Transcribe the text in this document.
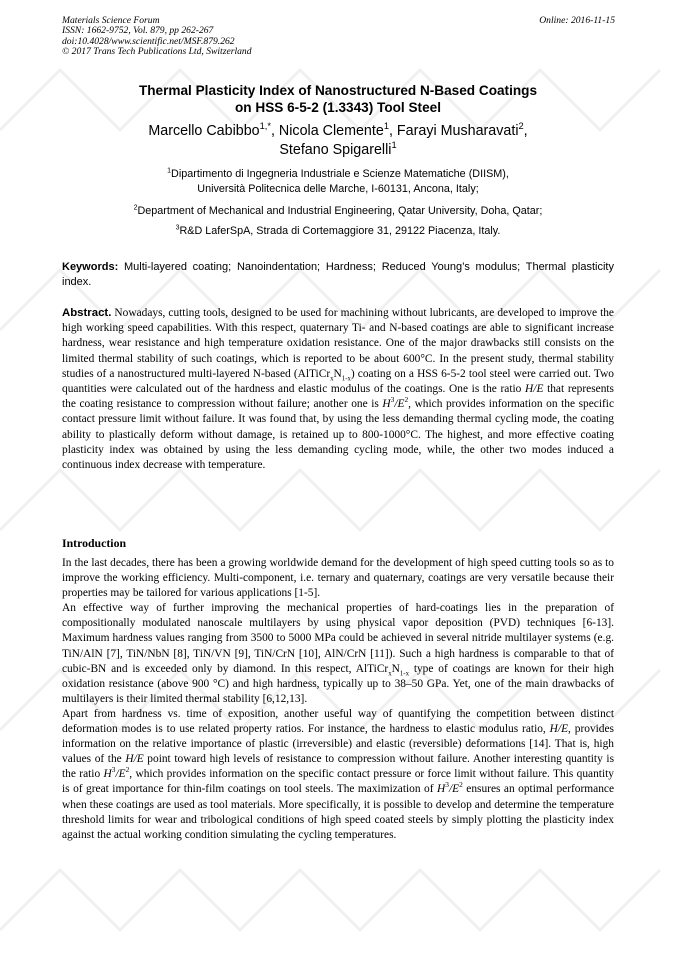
Materials Science Forum
ISSN: 1662-9752, Vol. 879, pp 262-267
doi:10.4028/www.scientific.net/MSF.879.262
© 2017 Trans Tech Publications Ltd, Switzerland
Online: 2016-11-15
Thermal Plasticity Index of Nanostructured N-Based Coatings
on HSS 6-5-2 (1.3343) Tool Steel
Marcello Cabibbo$^{1,*}$, Nicola Clemente$^1$, Farayi Musharavati$^2$,
Stefano Spigarelli$^1$
$^1$Dipartimento di Ingegneria Industriale e Scienze Matematiche (DIISM),
Università Politecnica delle Marche, I-60131, Ancona, Italy;
$^2$Department of Mechanical and Industrial Engineering, Qatar University, Doha, Qatar;
$^3$R&D LaferSpA, Strada di Cortemaggiore 31, 29122 Piacenza, Italy.
Keywords: Multi-layered coating; Nanoindentation; Hardness; Reduced Young’s modulus; Thermal plasticity index.
Abstract. Nowadays, cutting tools, designed to be used for machining without lubricants, are developed to improve the high working speed capabilities. With this respect, quaternary Ti- and N-based coatings are able to significant increase hardness, wear resistance and high temperature oxidation resistance. One of the major drawbacks still consists on the limited thermal stability of such coatings, which is reported to be about 600°C. In the present study, thermal stability studies of a nanostructured multi-layered N-based $(AlTiCr_xN_{1-x})$ coating on a HSS 6-5-2 tool steel were carried out. Two quantities were calculated out of the hardness and elastic modulus of the coatings. One is the ratio H/E that represents the coating resistance to compression without failure; another one is $H^3/E^2$, which provides information on the specific contact pressure limit without failure. It was found that, by using the less demanding thermal cycling mode, the coating ability to plastically deform without damage, is retained up to 800-1000°C. The highest, and more effective coating plasticity index was obtained by using the less demanding cycling mode, while, the other two modes induced a continuous index decrease with temperature.
Introduction

In the last decades, there has been a growing worldwide demand for the development of high speed cutting tools so as to improve the working efficiency. Multi-component, i.e. ternary and quaternary, coatings are very versatile because their properties may be tailored for various applications [1-5].

An effective way of further improving the mechanical properties of hard-coatings lies in the preparation of compositionally modulated nanoscale multilayers by using physical vapor deposition (PVD) techniques [6-13]. Maximum hardness values ranging from 3500 to 5000 MPa could be achieved in several nitride multilayer systems (e.g. TiN/AlN [7], TiN/NbN [8], TiN/VN [9], TiN/CrN [10], AlN/CrN [11]). Such a high hardness is comparable to that of cubic-BN and is exceeded only by diamond. In this respect, $AlTiCr_xN_{1-x}$ type of coatings are known for their high oxidation resistance (above 900 °C) and high hardness, typically up to 38–50 GPa. Yet, one of the main drawbacks of multilayers is their limited thermal stability [6,12,13].

Apart from hardness vs. time of exposition, another useful way of quantifying the competition between distinct deformation modes is to use related property ratios. For instance, the hardness to elastic modulus ratio, H/E, provides information on the relative importance of plastic (irreversible) and elastic (reversible) deformations [14]. That is, high values of the H/E point toward high levels of resistance to compression without failure. Another interesting quantity is the ratio $H^3/E^2$, which provides information on the specific contact pressure or force limit without failure. This quantity is of great importance for thin-film coatings on tool steels. The maximization of $H^3/E^2$ ensures an optimal performance when these coatings are used as tool materials. More specifically, it is possible to develop and determine the temperature threshold limits for wear and tribological conditions of high speed coated steels by simply plotting the plasticity index against the actual working condition simulating the cycling temperatures.
